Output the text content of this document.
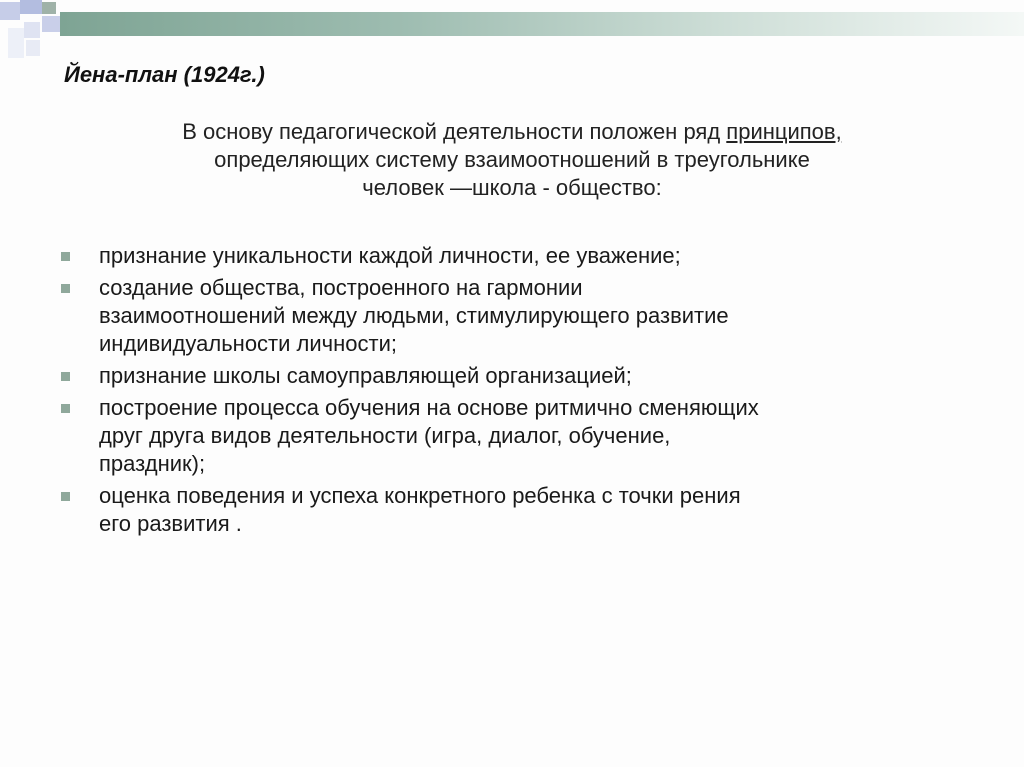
Йена-план (1924г.)
В основу педагогической деятельности положен ряд принципов,
определяющих систему взаимоотношений в треугольнике
человек —школа - общество:
признание уникальности каждой личности, ее уважение;
создание общества, построенного на гармонии
взаимоотношений между людьми, стимулирующего развитие
индивидуальности личности;
признание школы самоуправляющей организацией;
построение процесса обучения на основе ритмично сменяющих
друг друга видов деятельности (игра, диалог, обучение,
праздник);
оценка поведения и успеха конкретного ребенка с точки рения
его развития .
